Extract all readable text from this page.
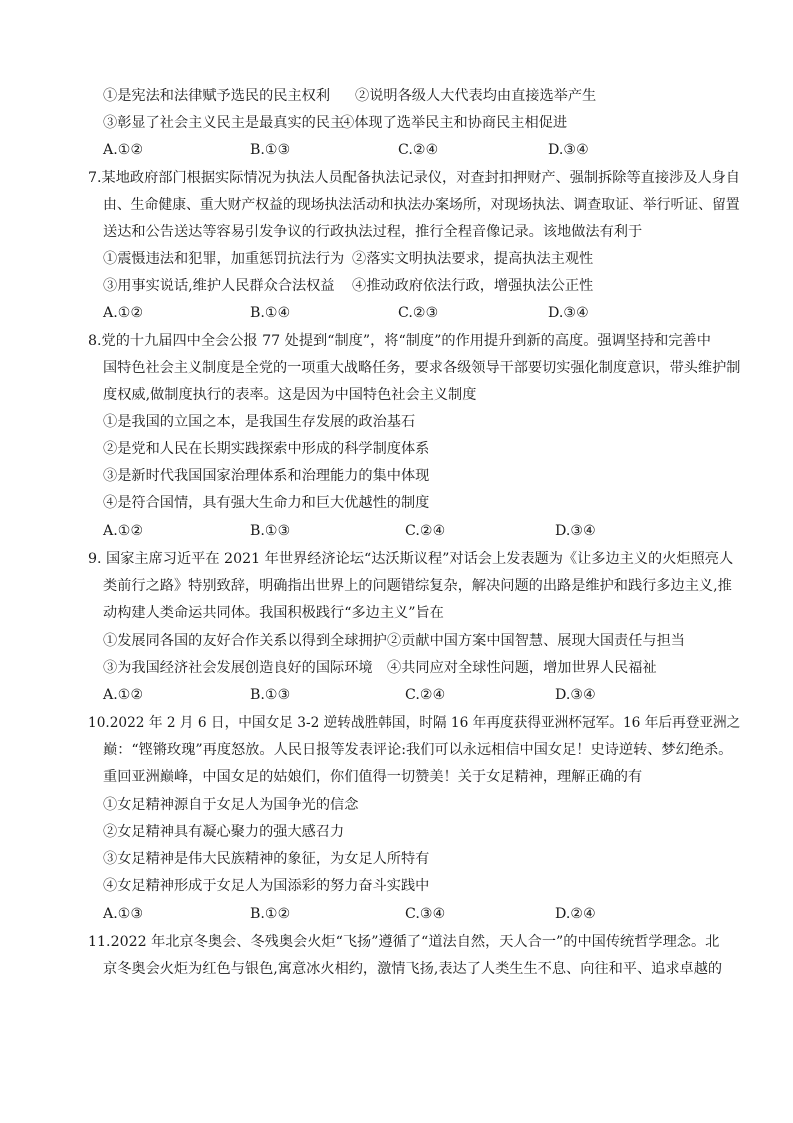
①是宪法和法律赋予选民的民主权利 ②说明各级人大代表均由直接选举产生
③彰显了社会主义民主是最真实的民主
④体现了选举民主和协商民主相促进
A.①②	B.①③	C.②④	D.③④
7.某地政府部门根据实际情况为执法人员配备执法记录仪，对查封扣押财产、强制拆除等直接涉及人身自
由、生命健康、重大财产权益的现场执法活动和执法办案场所，对现场执法、调查取证、举行听证、留置
送达和公告送达等容易引发争议的行政执法过程，推行全程音像记录。该地做法有利于
①震慑违法和犯罪，加重惩罚抗法行为 ②落实文明执法要求，提高执法主观性
③用事实说话,维护人民群众合法权益 ④推动政府依法行政，增强执法公正性
A.①②	B.①④	C.②③	D.③④
8.党的十九届四中全会公报 77 处提到“制度”，将“制度”的作用提升到新的高度。强调坚持和完善中
国特色社会主义制度是全党的一项重大战略任务，要求各级领导干部要切实强化制度意识，带头维护制
度权威,做制度执行的表率。这是因为中国特色社会主义制度
①是我国的立国之本，是我国生存发展的政治基石
②是党和人民在长期实践探索中形成的科学制度体系
③是新时代我国国家治理体系和治理能力的集中体现
④是符合国情，具有强大生命力和巨大优越性的制度
A.①②	B.①③	C.②④	D.③④
9. 国家主席习近平在 2021 年世界经济论坛“达沃斯议程”对话会上发表题为《让多边主义的火炬照亮人
类前行之路》特别致辞，明确指出世界上的问题错综复杂，解决问题的出路是维护和践行多边主义,推
动构建人类命运共同体。我国积极践行“多边主义”旨在
①发展同各国的友好合作关系以得到全球拥护 ②贡献中国方案中国智慧、展现大国责任与担当
③为我国经济社会发展创造良好的国际环境 ④共同应对全球性问题，增加世界人民福祉
A.①②	B.①③	C.②④	D.③④
10.2022 年 2 月 6 日，中国女足 3-2 逆转战胜韩国，时隔 16 年再度获得亚洲杯冠军。16 年后再登亚洲之
巅：“铿锵玫瑰”再度怒放。人民日报等发表评论:我们可以永远相信中国女足！史诗逆转、梦幻绝杀。
重回亚洲巅峰，中国女足的姑娘们，你们值得一切赞美！关于女足精神，理解正确的有
①女足精神源自于女足人为国争光的信念
②女足精神具有凝心聚力的强大感召力
③女足精神是伟大民族精神的象征，为女足人所特有
④女足精神形成于女足人为国添彩的努力奋斗实践中
A.①③	B.①②	C.③④	D.②④
11.2022 年北京冬奥会、冬残奥会火炬“飞扬”遵循了“道法自然，天人合一”的中国传统哲学理念。北
京冬奥会火炬为红色与银色,寓意冰火相约，激情飞扬,表达了人类生生不息、向往和平、追求卓越的
